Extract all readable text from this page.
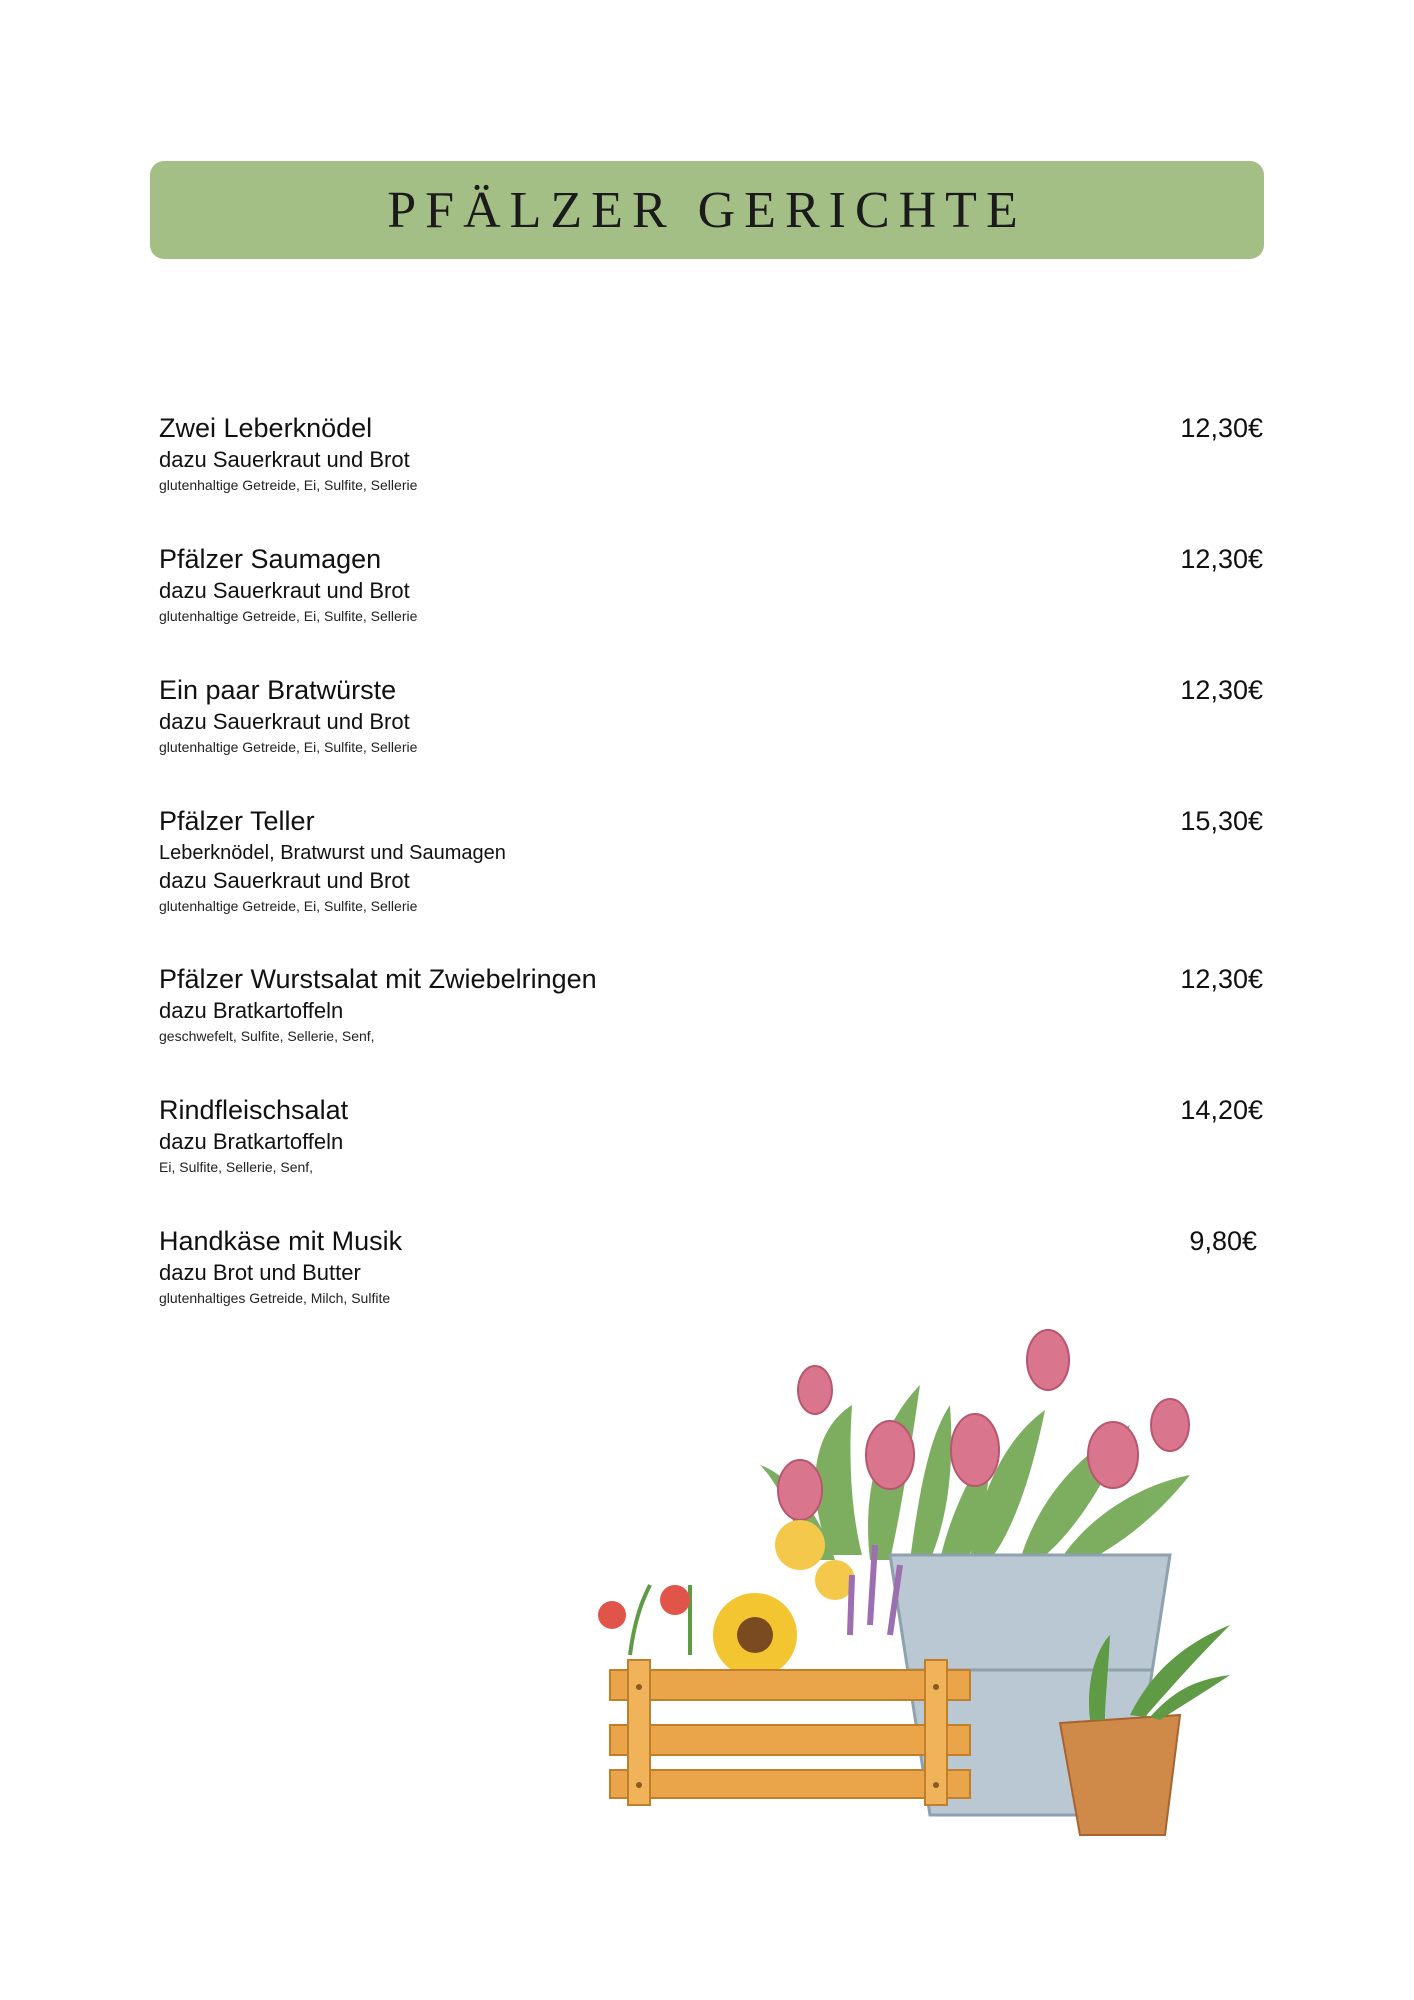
PFÄLZER GERICHTE
Zwei Leberknödel
dazu Sauerkraut und Brot
glutenhaltige Getreide, Ei, Sulfite, Sellerie
12,30€
Pfälzer Saumagen
dazu Sauerkraut und Brot
glutenhaltige Getreide, Ei, Sulfite, Sellerie
12,30€
Ein paar Bratwürste
dazu Sauerkraut und Brot
glutenhaltige Getreide, Ei, Sulfite, Sellerie
12,30€
Pfälzer Teller
Leberknödel, Bratwurst und Saumagen
dazu Sauerkraut und Brot
glutenhaltige Getreide, Ei, Sulfite, Sellerie
15,30€
Pfälzer Wurstsalat mit Zwiebelringen
dazu Bratkartoffeln
geschwefelt, Sulfite, Sellerie, Senf,
12,30€
Rindfleischsalat
dazu Bratkartoffeln
Ei, Sulfite, Sellerie, Senf,
14,20€
Handkäse mit Musik
dazu Brot und Butter
glutenhaltiges Getreide, Milch, Sulfite
9,80€
